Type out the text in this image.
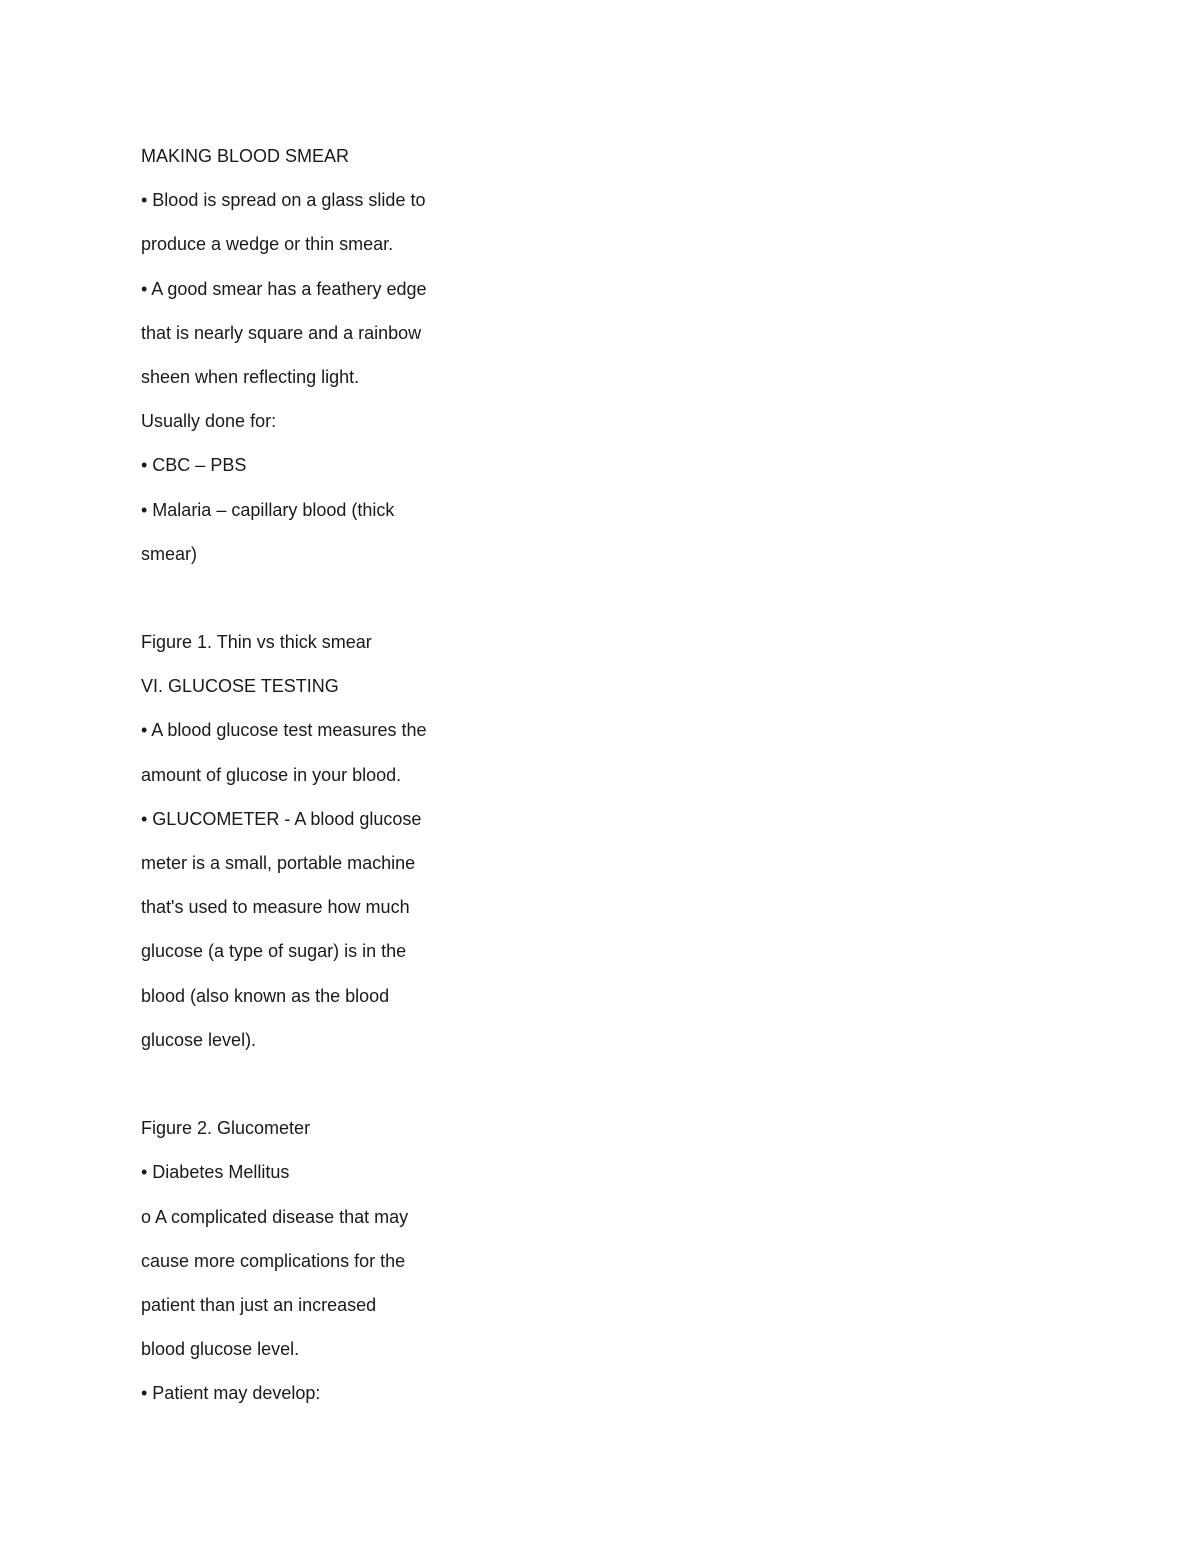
MAKING BLOOD SMEAR

• Blood is spread on a glass slide to

produce a wedge or thin smear.

• A good smear has a feathery edge

that is nearly square and a rainbow

sheen when reflecting light.

Usually done for:

• CBC – PBS

• Malaria – capillary blood (thick

smear)

Figure 1. Thin vs thick smear

VI. GLUCOSE TESTING

• A blood glucose test measures the

amount of glucose in your blood.

• GLUCOMETER - A blood glucose

meter is a small, portable machine

that's used to measure how much

glucose (a type of sugar) is in the

blood (also known as the blood

glucose level).

Figure 2. Glucometer

• Diabetes Mellitus

o A complicated disease that may

cause more complications for the

patient than just an increased

blood glucose level.

• Patient may develop:
